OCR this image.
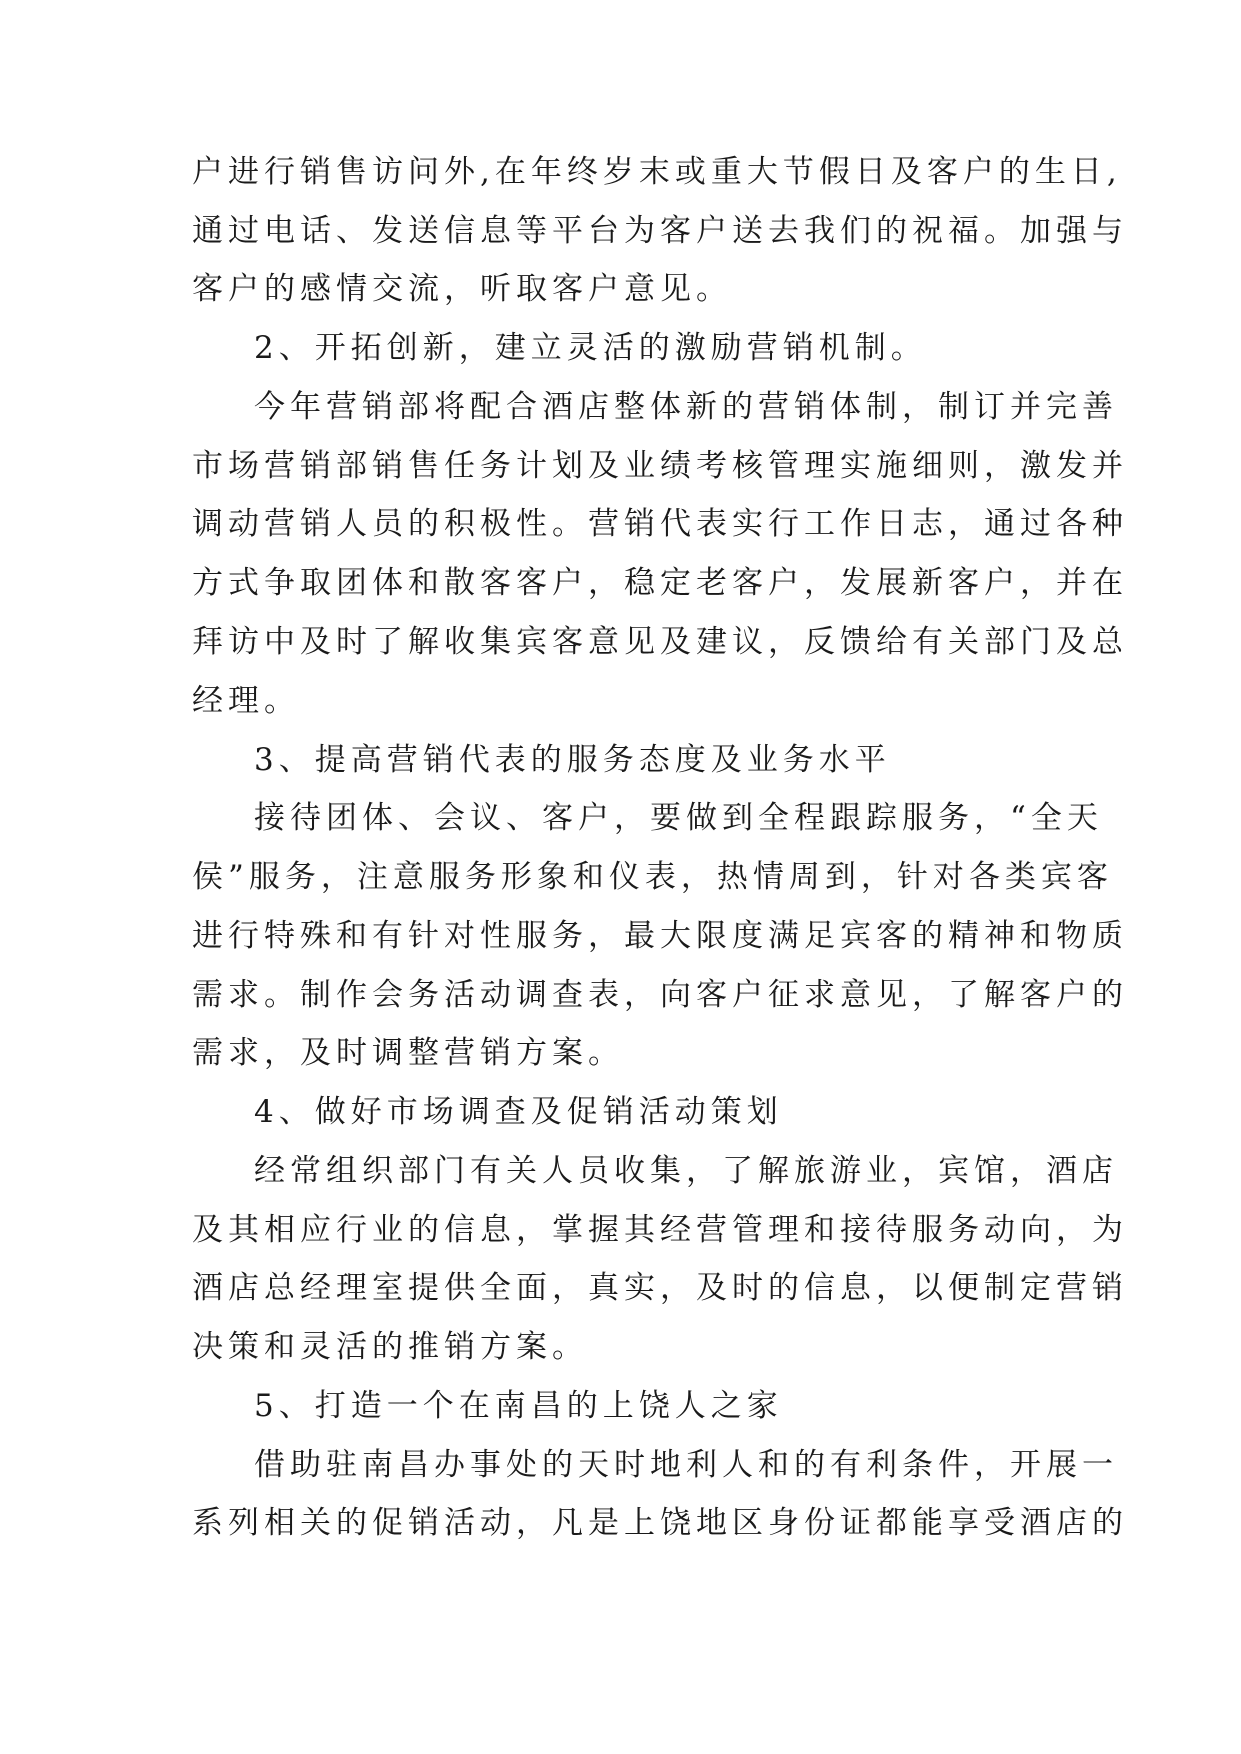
户进行销售访问外,在年终岁末或重大节假日及客户的生日,
通过电话、发送信息等平台为客户送去我们的祝福。加强与
客户的感情交流，听取客户意见。
2、开拓创新，建立灵活的激励营销机制。
今年营销部将配合酒店整体新的营销体制，制订并完善
市场营销部销售任务计划及业绩考核管理实施细则，激发并
调动营销人员的积极性。营销代表实行工作日志，通过各种
方式争取团体和散客客户，稳定老客户，发展新客户，并在
拜访中及时了解收集宾客意见及建议，反馈给有关部门及总
经理。
3、提高营销代表的服务态度及业务水平
接待团体、会议、客户，要做到全程跟踪服务，“全天
侯”服务，注意服务形象和仪表，热情周到，针对各类宾客
进行特殊和有针对性服务，最大限度满足宾客的精神和物质
需求。制作会务活动调查表，向客户征求意见，了解客户的
需求，及时调整营销方案。
4、做好市场调查及促销活动策划
经常组织部门有关人员收集，了解旅游业，宾馆，酒店
及其相应行业的信息，掌握其经营管理和接待服务动向，为
酒店总经理室提供全面，真实，及时的信息，以便制定营销
决策和灵活的推销方案。
5、打造一个在南昌的上饶人之家
借助驻南昌办事处的天时地利人和的有利条件，开展一
系列相关的促销活动，凡是上饶地区身份证都能享受酒店的
